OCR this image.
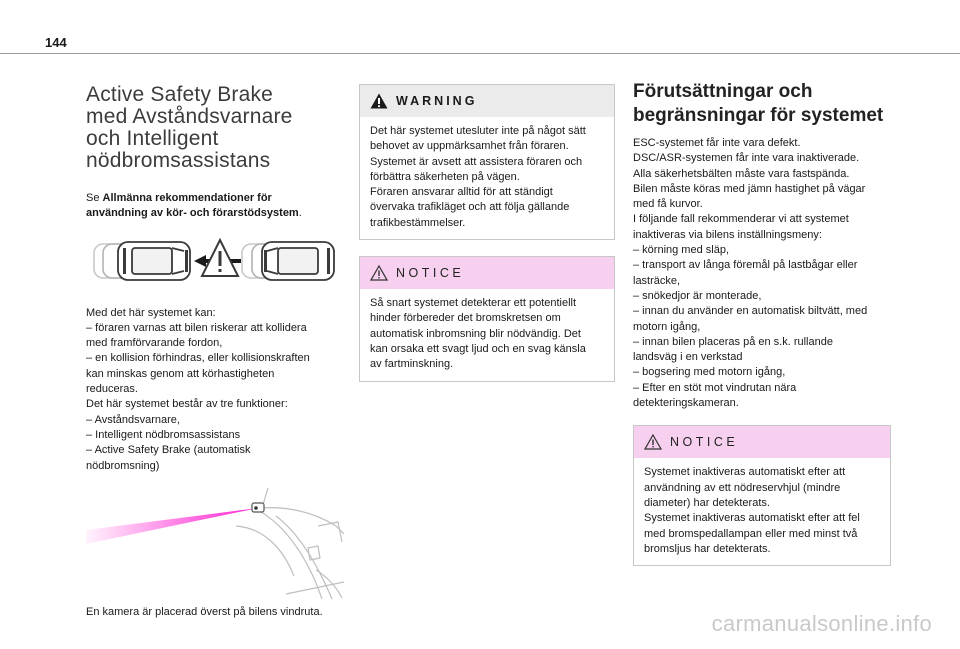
144
Active Safety Brake
med Avståndsvarnare
och Intelligent
nödbromsassistans
Se Allmänna rekommendationer för
användning av kör- och förarstödsystem.
Med det här systemet kan:
– föraren varnas att bilen riskerar att kollidera
med framförvarande fordon,
– en kollision förhindras, eller kollisionskraften
kan minskas genom att körhastigheten
reduceras.
Det här systemet består av tre funktioner:
– Avståndsvarnare,
– Intelligent nödbromsassistans
– Active Safety Brake (automatisk
nödbromsning)
En kamera är placerad överst på bilens vindruta.
WARNING
Det här systemet utesluter inte på något sätt
behovet av uppmärksamhet från föraren.
Systemet är avsett att assistera föraren och
förbättra säkerheten på vägen.
Föraren ansvarar alltid för att ständigt
övervaka trafikläget och att följa gällande
trafikbestämmelser.
NOTICE
Så snart systemet detekterar ett potentiellt
hinder förbereder det bromskretsen om
automatisk inbromsning blir nödvändig. Det
kan orsaka ett svagt ljud och en svag känsla
av fartminskning.
Förutsättningar och
begränsningar för systemet
ESC-systemet får inte vara defekt.
DSC/ASR-systemen får inte vara inaktiverade.
Alla säkerhetsbälten måste vara fastspända.
Bilen måste köras med jämn hastighet på vägar
med få kurvor.
I följande fall rekommenderar vi att systemet
inaktiveras via bilens inställningsmeny:
– körning med släp,
– transport av långa föremål på lastbågar eller
lasträcke,
– snökedjor är monterade,
– innan du använder en automatisk biltvätt, med
motorn igång,
– innan bilen placeras på en s.k. rullande
landsväg i en verkstad
– bogsering med motorn igång,
– Efter en stöt mot vindrutan nära
detekteringskameran.
NOTICE
Systemet inaktiveras automatiskt efter att
användning av ett nödreservhjul (mindre
diameter) har detekterats.
Systemet inaktiveras automatiskt efter att fel
med bromspedallampan eller med minst två
bromsljus har detekterats.
carmanualsonline.info
